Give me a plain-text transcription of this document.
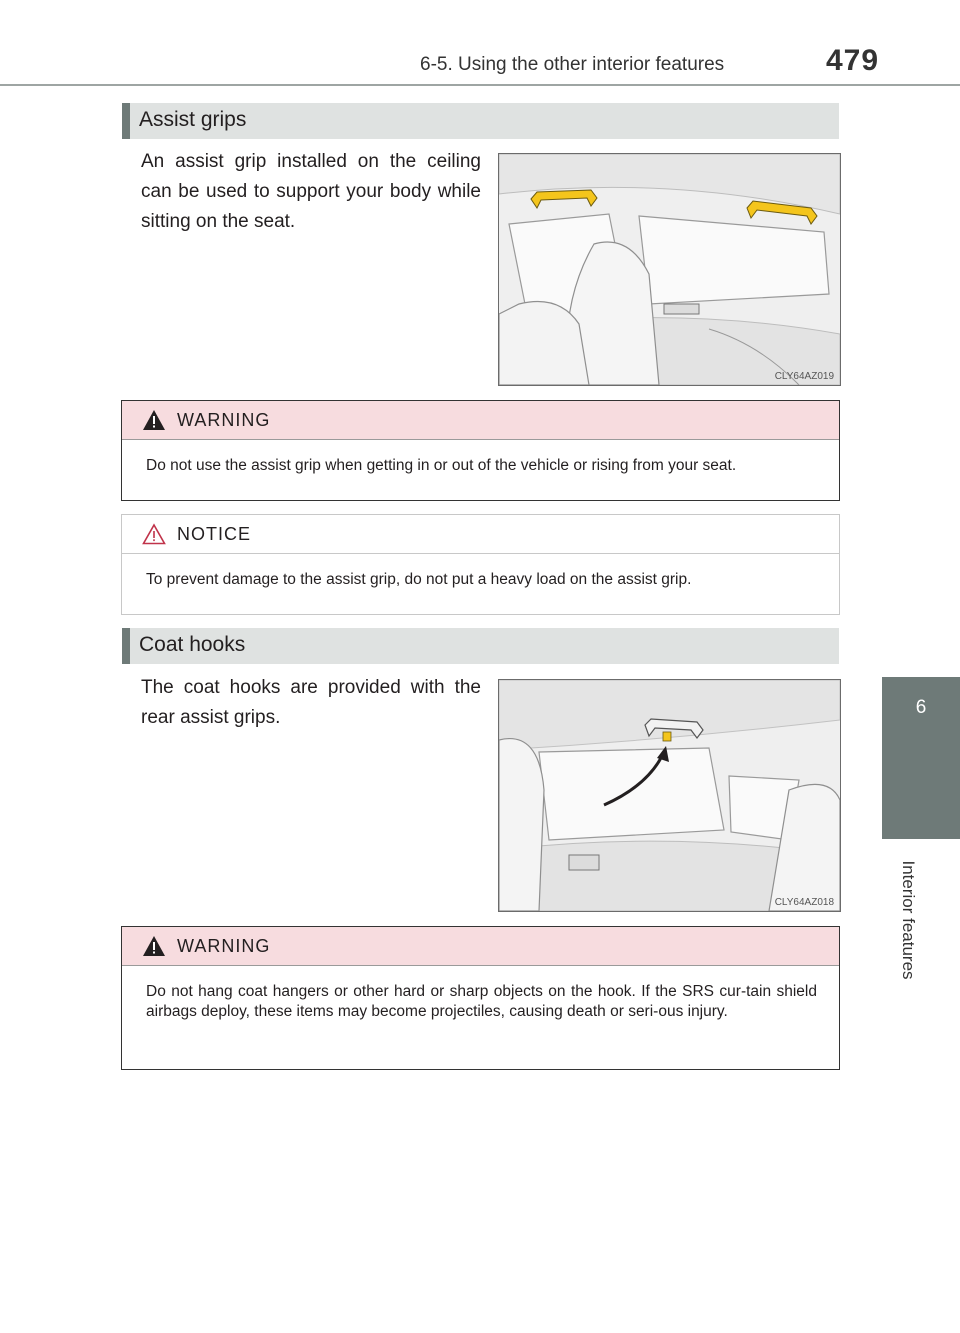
6-5. Using the other interior features	479
6
Interior features
Assist grips
An assist grip installed on the ceiling can be used to support your body while sitting on the seat.
CLY64AZ019
WARNING
Do not use the assist grip when getting in or out of the vehicle or rising from your seat.
NOTICE
To prevent damage to the assist grip, do not put a heavy load on the assist grip.
Coat hooks
The coat hooks are provided with the rear assist grips.
CLY64AZ018
WARNING
Do not hang coat hangers or other hard or sharp objects on the hook. If the SRS cur-tain shield airbags deploy, these items may become projectiles, causing death or seri-ous injury.
